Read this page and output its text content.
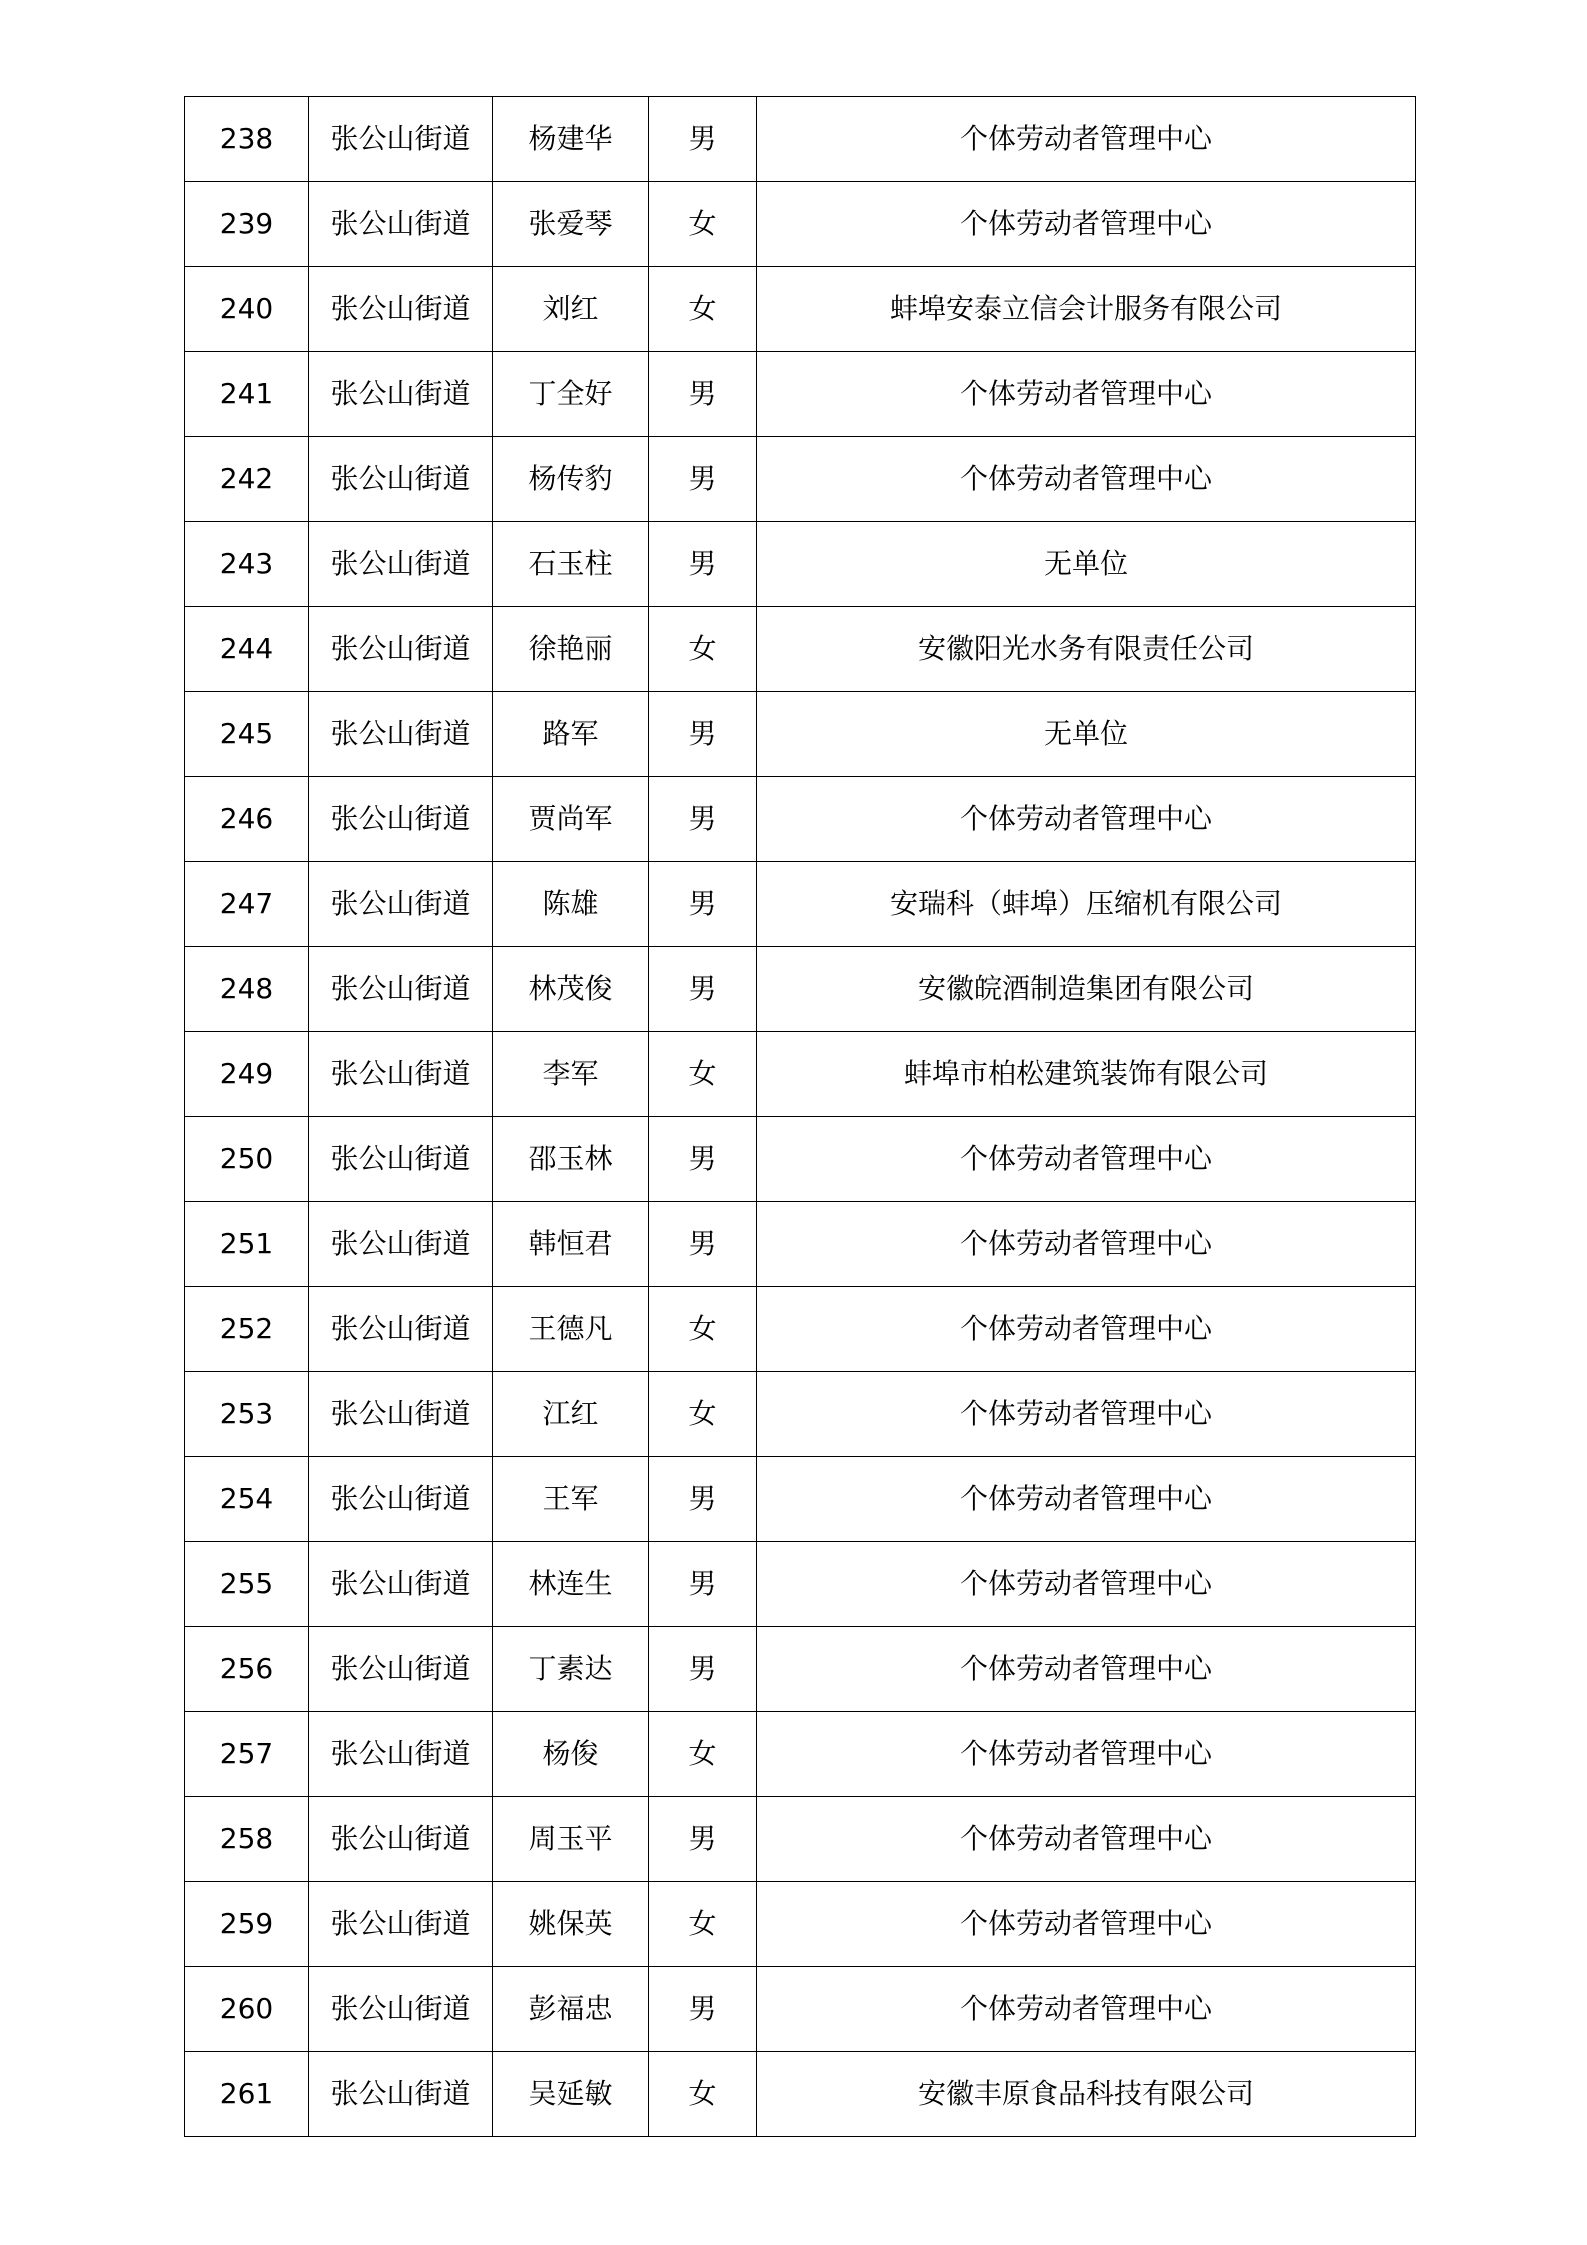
238	张公山街道	杨建华	男	个体劳动者管理中心
239	张公山街道	张爱琴	女	个体劳动者管理中心
240	张公山街道	刘红	女	蚌埠安泰立信会计服务有限公司
241	张公山街道	丁全好	男	个体劳动者管理中心
242	张公山街道	杨传豹	男	个体劳动者管理中心
243	张公山街道	石玉柱	男	无单位
244	张公山街道	徐艳丽	女	安徽阳光水务有限责任公司
245	张公山街道	路军	男	无单位
246	张公山街道	贾尚军	男	个体劳动者管理中心
247	张公山街道	陈雄	男	安瑞科（蚌埠）压缩机有限公司
248	张公山街道	林茂俊	男	安徽皖酒制造集团有限公司
249	张公山街道	李军	女	蚌埠市柏松建筑装饰有限公司
250	张公山街道	邵玉林	男	个体劳动者管理中心
251	张公山街道	韩恒君	男	个体劳动者管理中心
252	张公山街道	王德凡	女	个体劳动者管理中心
253	张公山街道	江红	女	个体劳动者管理中心
254	张公山街道	王军	男	个体劳动者管理中心
255	张公山街道	林连生	男	个体劳动者管理中心
256	张公山街道	丁素达	男	个体劳动者管理中心
257	张公山街道	杨俊	女	个体劳动者管理中心
258	张公山街道	周玉平	男	个体劳动者管理中心
259	张公山街道	姚保英	女	个体劳动者管理中心
260	张公山街道	彭福忠	男	个体劳动者管理中心
261	张公山街道	吴延敏	女	安徽丰原食品科技有限公司
